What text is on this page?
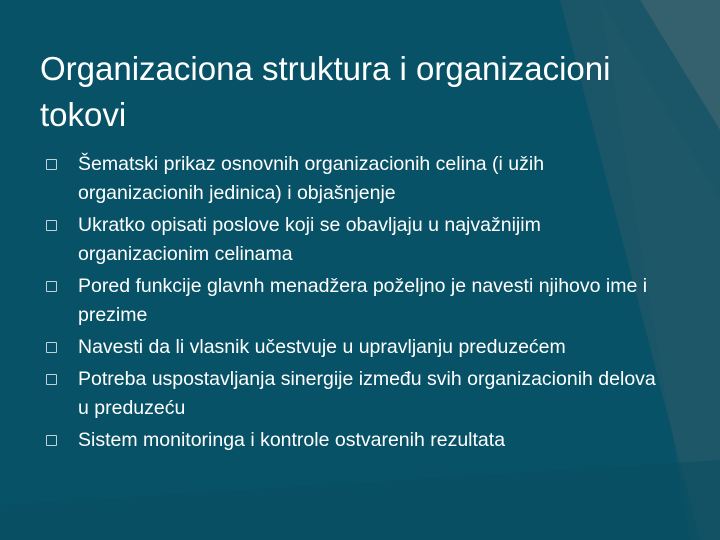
Organizaciona struktura i organizacioni tokovi
Šematski prikaz osnovnih organizacionih celina (i užih organizacionih jedinica) i objašnjenje
Ukratko opisati poslove koji se obavljaju u najvažnijim organizacionim celinama
Pored funkcije glavnh menadžera poželjno je navesti njihovo ime i prezime
Navesti da li vlasnik učestvuje u upravljanju preduzećem
Potreba uspostavljanja sinergije između svih organizacionih delova u preduzeću
Sistem monitoringa i kontrole ostvarenih rezultata
